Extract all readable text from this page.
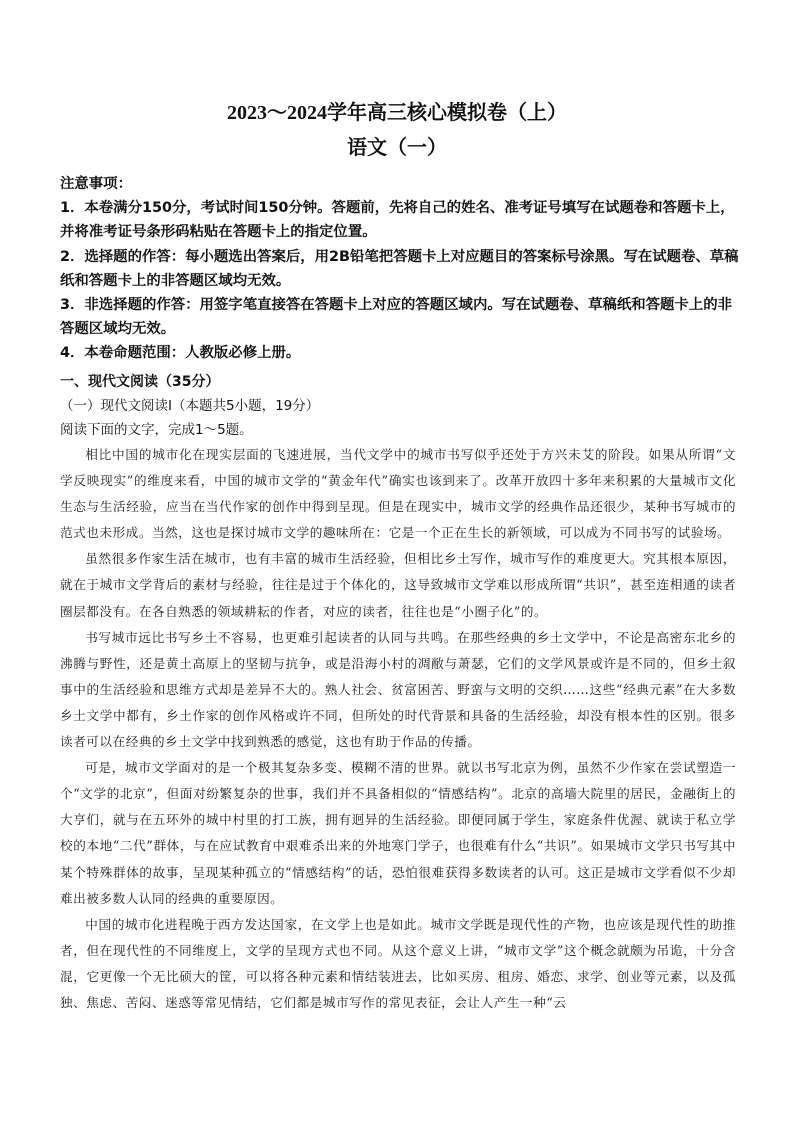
2023～2024学年高三核心模拟卷（上）
语文（一）

注意事项：

1．本卷满分150分，考试时间150分钟。答题前，先将自己的姓名、准考证号填写在试题卷和答题卡上，并将准考证号条形码粘贴在答题卡上的指定位置。

2．选择题的作答：每小题选出答案后，用2B铅笔把答题卡上对应题目的答案标号涂黑。写在试题卷、草稿纸和答题卡上的非答题区域均无效。

3．非选择题的作答：用签字笔直接答在答题卡上对应的答题区域内。写在试题卷、草稿纸和答题卡上的非答题区域均无效。

4．本卷命题范围：人教版必修上册。

一、现代文阅读（35分）

（一）现代文阅读Ⅰ（本题共5小题，19分）

阅读下面的文字，完成1～5题。

相比中国的城市化在现实层面的飞速进展，当代文学中的城市书写似乎还处于方兴未艾的阶段。如果从所谓“文学反映现实”的维度来看，中国的城市文学的“黄金年代”确实也该到来了。改革开放四十多年来积累的大量城市文化生态与生活经验，应当在当代作家的创作中得到呈现。但是在现实中，城市文学的经典作品还很少，某种书写城市的范式也未形成。当然，这也是探讨城市文学的趣味所在：它是一个正在生长的新领域，可以成为不同书写的试验场。

虽然很多作家生活在城市，也有丰富的城市生活经验，但相比乡土写作，城市写作的难度更大。究其根本原因，就在于城市文学背后的素材与经验，往往是过于个体化的，这导致城市文学难以形成所谓“共识”，甚至连相通的读者圈层都没有。在各自熟悉的领域耕耘的作者，对应的读者，往往也是“小圈子化”的。

书写城市远比书写乡土不容易，也更难引起读者的认同与共鸣。在那些经典的乡土文学中，不论是高密东北乡的沸腾与野性，还是黄土高原上的坚韧与抗争，或是沿海小村的凋敝与萧瑟，它们的文学风景或许是不同的，但乡土叙事中的生活经验和思维方式却是差异不大的。熟人社会、贫富困苦、野蛮与文明的交织……这些“经典元素”在大多数乡土文学中都有，乡土作家的创作风格或许不同，但所处的时代背景和具备的生活经验，却没有根本性的区别。很多读者可以在经典的乡土文学中找到熟悉的感觉，这也有助于作品的传播。

可是，城市文学面对的是一个极其复杂多变、模糊不清的世界。就以书写北京为例，虽然不少作家在尝试塑造一个“文学的北京”，但面对纷繁复杂的世事，我们并不具备相似的“情感结构”。北京的高墙大院里的居民，金融街上的大亨们，就与在五环外的城中村里的打工族，拥有迥异的生活经验。即便同属于学生，家庭条件优渥、就读于私立学校的本地“二代”群体，与在应试教育中艰难杀出来的外地寒门学子，也很难有什么“共识”。如果城市文学只书写其中某个特殊群体的故事，呈现某种孤立的“情感结构”的话，恐怕很难获得多数读者的认可。这正是城市文学看似不少却难出被多数人认同的经典的重要原因。

中国的城市化进程晚于西方发达国家，在文学上也是如此。城市文学既是现代性的产物，也应该是现代性的助推者，但在现代性的不同维度上，文学的呈现方式也不同。从这个意义上讲，“城市文学”这个概念就颇为吊诡，十分含混，它更像一个无比硕大的筐，可以将各种元素和情结装进去，比如买房、租房、婚恋、求学、创业等元素，以及孤独、焦虑、苦闷、迷惑等常见情结，它们都是城市写作的常见表征，会让人产生一种“云
